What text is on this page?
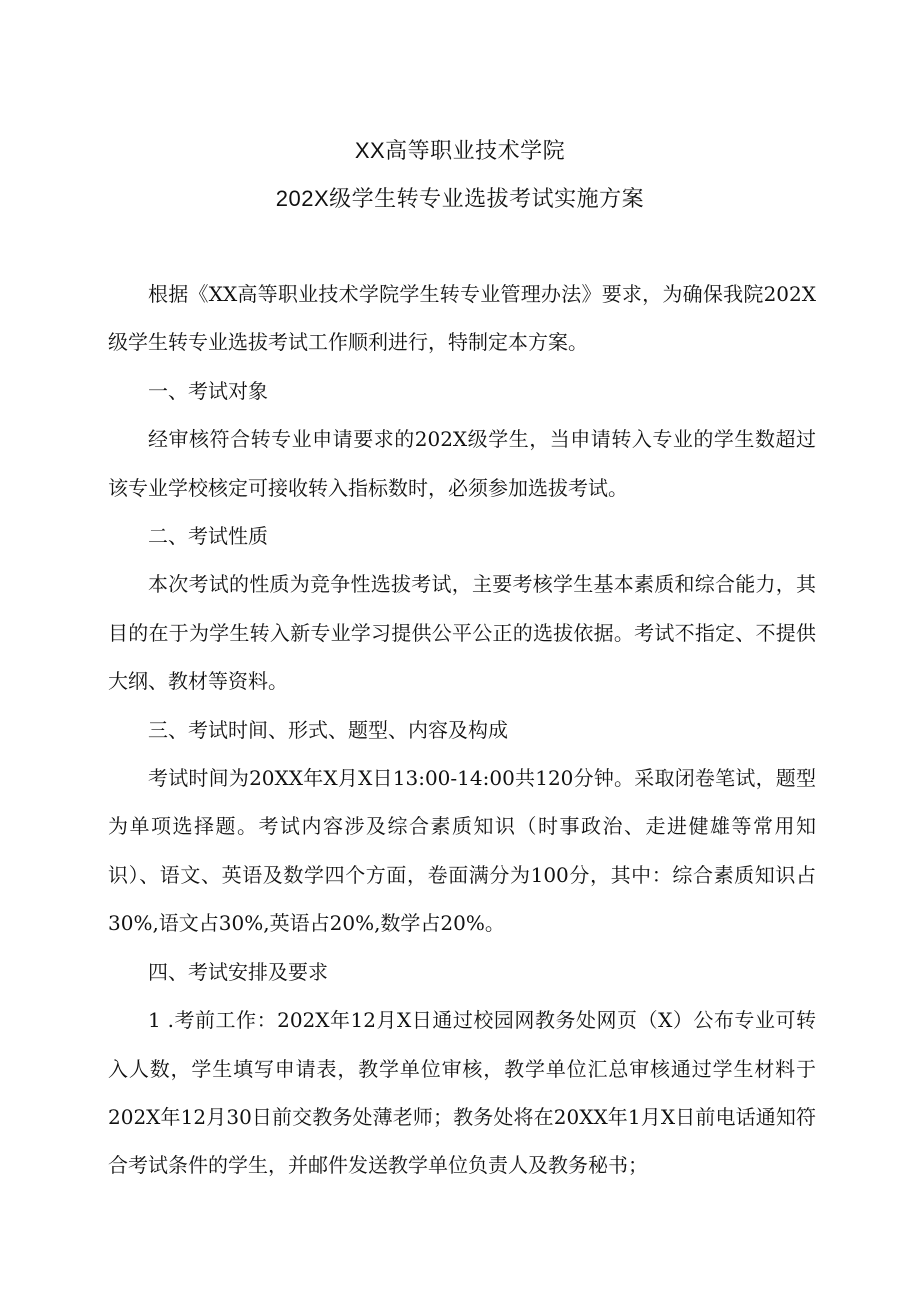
XX高等职业技术学院
202X级学生转专业选拔考试实施方案

根据《XX高等职业技术学院学生转专业管理办法》要求，为确保我院202X级学生转专业选拔考试工作顺利进行，特制定本方案。

一、考试对象

经审核符合转专业申请要求的202X级学生，当申请转入专业的学生数超过该专业学校核定可接收转入指标数时，必须参加选拔考试。

二、考试性质

本次考试的性质为竞争性选拔考试，主要考核学生基本素质和综合能力，其目的在于为学生转入新专业学习提供公平公正的选拔依据。考试不指定、不提供大纲、教材等资料。

三、考试时间、形式、题型、内容及构成

考试时间为20XX年X月X日13:00-14:00共120分钟。采取闭卷笔试，题型为单项选择题。考试内容涉及综合素质知识（时事政治、走进健雄等常用知识）、语文、英语及数学四个方面，卷面满分为100分，其中：综合素质知识占30%,语文占30%,英语占20%,数学占20%。

四、考试安排及要求

1 .考前工作：202X年12月X日通过校园网教务处网页（X）公布专业可转入人数，学生填写申请表，教学单位审核，教学单位汇总审核通过学生材料于202X年12月30日前交教务处薄老师；教务处将在20XX年1月X日前电话通知符合考试条件的学生，并邮件发送教学单位负责人及教务秘书；
